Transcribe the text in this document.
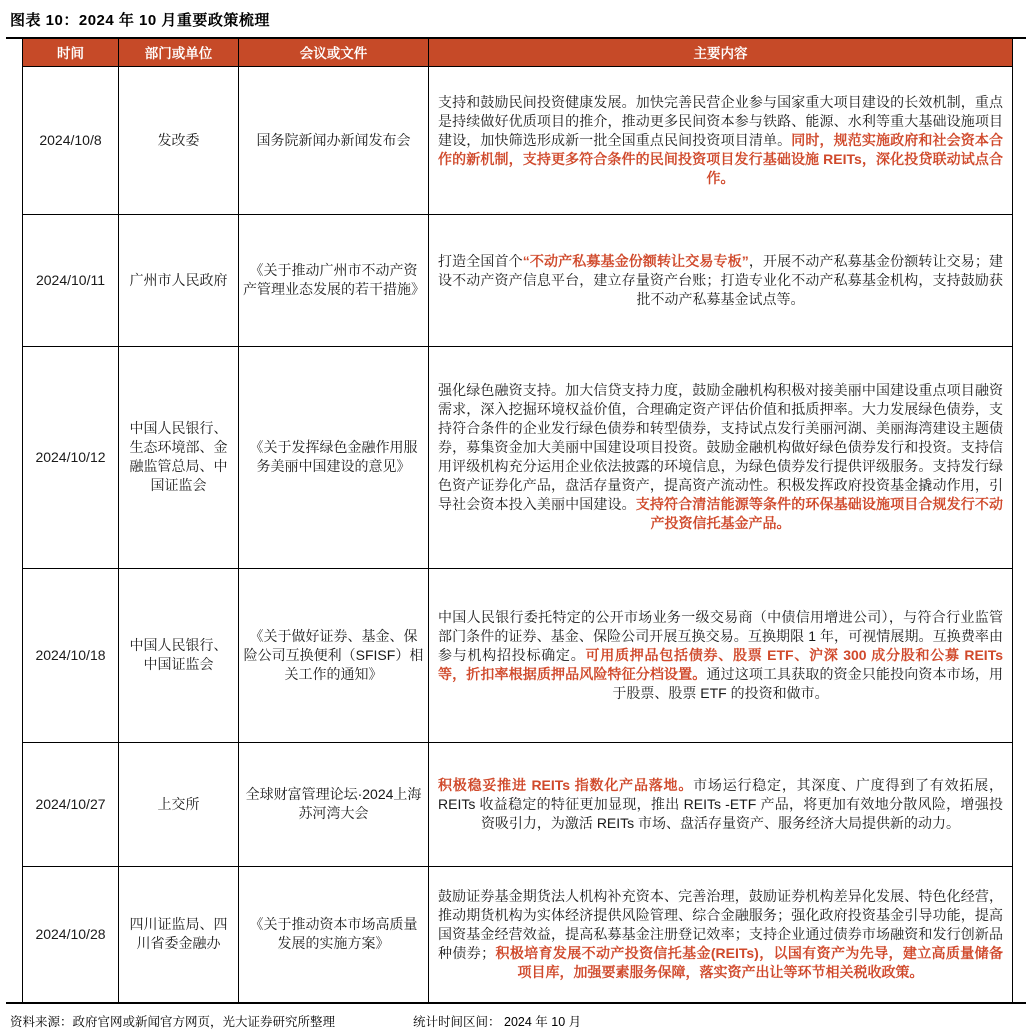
图表 10：2024 年 10 月重要政策梳理
时间	部门或单位	会议或文件	主要内容
2024/10/8	发改委	国务院新闻办新闻发布会	支持和鼓励民间投资健康发展。加快完善民营企业参与国家重大项目建设的长效机制，重点是持续做好优质项目的推介，推动更多民间资本参与铁路、能源、水利等重大基础设施项目建设，加快筛选形成新一批全国重点民间投资项目清单。同时，规范实施政府和社会资本合作的新机制，支持更多符合条件的民间投资项目发行基础设施 REITs，深化投贷联动试点合作。
2024/10/11	广州市人民政府	《关于推动广州市不动产资产管理业态发展的若干措施》	打造全国首个“不动产私募基金份额转让交易专板”，开展不动产私募基金份额转让交易；建设不动产资产信息平台，建立存量资产台账；打造专业化不动产私募基金机构，支持鼓励获批不动产私募基金试点等。
2024/10/12	中国人民银行、生态环境部、金融监管总局、中国证监会	《关于发挥绿色金融作用服务美丽中国建设的意见》	强化绿色融资支持。加大信贷支持力度，鼓励金融机构积极对接美丽中国建设重点项目融资需求，深入挖掘环境权益价值，合理确定资产评估价值和抵质押率。大力发展绿色债券，支持符合条件的企业发行绿色债券和转型债券，支持试点发行美丽河湖、美丽海湾建设主题债券，募集资金加大美丽中国建设项目投资。鼓励金融机构做好绿色债券发行和投资。支持信用评级机构充分运用企业依法披露的环境信息，为绿色债券发行提供评级服务。支持发行绿色资产证券化产品，盘活存量资产，提高资产流动性。积极发挥政府投资基金撬动作用，引导社会资本投入美丽中国建设。支持符合清洁能源等条件的环保基础设施项目合规发行不动产投资信托基金产品。
2024/10/18	中国人民银行、中国证监会	《关于做好证券、基金、保险公司互换便利（SFISF）相关工作的通知》	中国人民银行委托特定的公开市场业务一级交易商（中债信用增进公司），与符合行业监管部门条件的证券、基金、保险公司开展互换交易。互换期限 1 年，可视情展期。互换费率由参与机构招投标确定。可用质押品包括债券、股票 ETF、沪深 300 成分股和公募 REITs 等，折扣率根据质押品风险特征分档设置。通过这项工具获取的资金只能投向资本市场，用于股票、股票 ETF 的投资和做市。
2024/10/27	上交所	全球财富管理论坛·2024上海苏河湾大会	积极稳妥推进 REITs 指数化产品落地。市场运行稳定，其深度、广度得到了有效拓展，REITs 收益稳定的特征更加显现，推出 REITs -ETF 产品，将更加有效地分散风险，增强投资吸引力，为激活 REITs 市场、盘活存量资产、服务经济大局提供新的动力。
2024/10/28	四川证监局、四川省委金融办	《关于推动资本市场高质量发展的实施方案》	鼓励证券基金期货法人机构补充资本、完善治理，鼓励证券机构差异化发展、特色化经营，推动期货机构为实体经济提供风险管理、综合金融服务；强化政府投资基金引导功能，提高国资基金经营效益，提高私募基金注册登记效率；支持企业通过债券市场融资和发行创新品种债券；积极培育发展不动产投资信托基金(REITs)，以国有资产为先导，建立高质量储备项目库，加强要素服务保障，落实资产出让等环节相关税收政策。
资料来源：政府官网或新闻官方网页，光大证券研究所整理	统计时间区间： 2024 年 10 月
